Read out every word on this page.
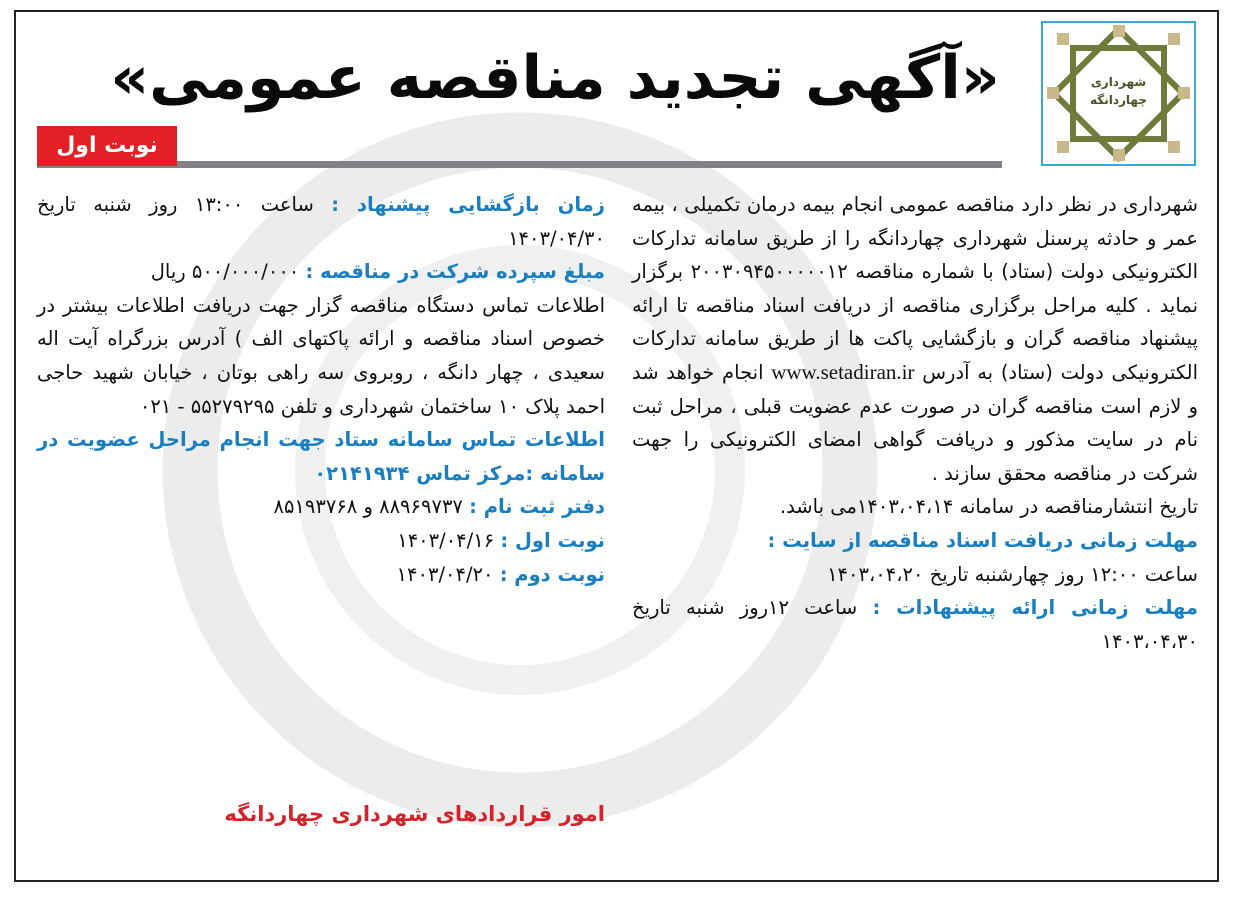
شهرداری
چهاردانگه
«آگهی تجدید مناقصه عمومی»
نوبت اول

شهرداری در نظر دارد مناقصه عمومی انجام بیمه درمان تکمیلی ، بیمه عمر و حادثه پرسنل شهرداری چهاردانگه را از طریق سامانه تدارکات الکترونیکی دولت (ستاد) با شماره مناقصه ۲۰۰۳۰۹۴۵۰۰۰۰۰۱۲ برگزار نماید . کلیه مراحل برگزاری مناقصه از دریافت اسناد مناقصه تا ارائه پیشنهاد مناقصه گران و بازگشایی پاکت ها از طریق سامانه تدارکات الکترونیکی دولت (ستاد) به آدرس www.setadiran.ir انجام خواهد شد و لازم است مناقصه گران در صورت عدم عضویت قبلی ، مراحل ثبت نام در سایت مذکور و دریافت گواهی امضای الکترونیکی را جهت شرکت در مناقصه محقق سازند .

تاریخ انتشارمناقصه در سامانه ۱۴۰۳،۰۴،۱۴می باشد.

مهلت زمانی دریافت اسناد مناقصه از سایت :

ساعت ۱۲:۰۰ روز چهارشنبه تاریخ ۱۴۰۳،۰۴،۲۰

مهلت زمانی ارائه پیشنهادات : ساعت ۱۲روز شنبه تاریخ ۱۴۰۳،۰۴،۳۰

زمان بازگشایی پیشنهاد : ساعت ۱۳:۰۰ روز شنبه تاریخ ۱۴۰۳/۰۴/۳۰

مبلغ سپرده شرکت در مناقصه : ۵۰۰/۰۰۰/۰۰۰ ریال

اطلاعات تماس دستگاه مناقصه گزار جهت دریافت اطلاعات بیشتر در خصوص اسناد مناقصه و ارائه پاکتهای الف ) آدرس بزرگراه آیت اله سعیدی ، چهار دانگه ، روبروی سه راهی بوتان ، خیابان شهید حاجی احمد پلاک ۱۰ ساختمان شهرداری و تلفن ۵۵۲۷۹۲۹۵ - ۰۲۱

اطلاعات تماس سامانه ستاد جهت انجام مراحل عضویت در سامانه :مرکز تماس ۰۲۱۴۱۹۳۴

دفتر ثبت نام : ۸۸۹۶۹۷۳۷ و ۸۵۱۹۳۷۶۸

نوبت اول : ۱۴۰۳/۰۴/۱۶

نوبت دوم : ۱۴۰۳/۰۴/۲۰

امور قراردادهای شهرداری چهاردانگه
